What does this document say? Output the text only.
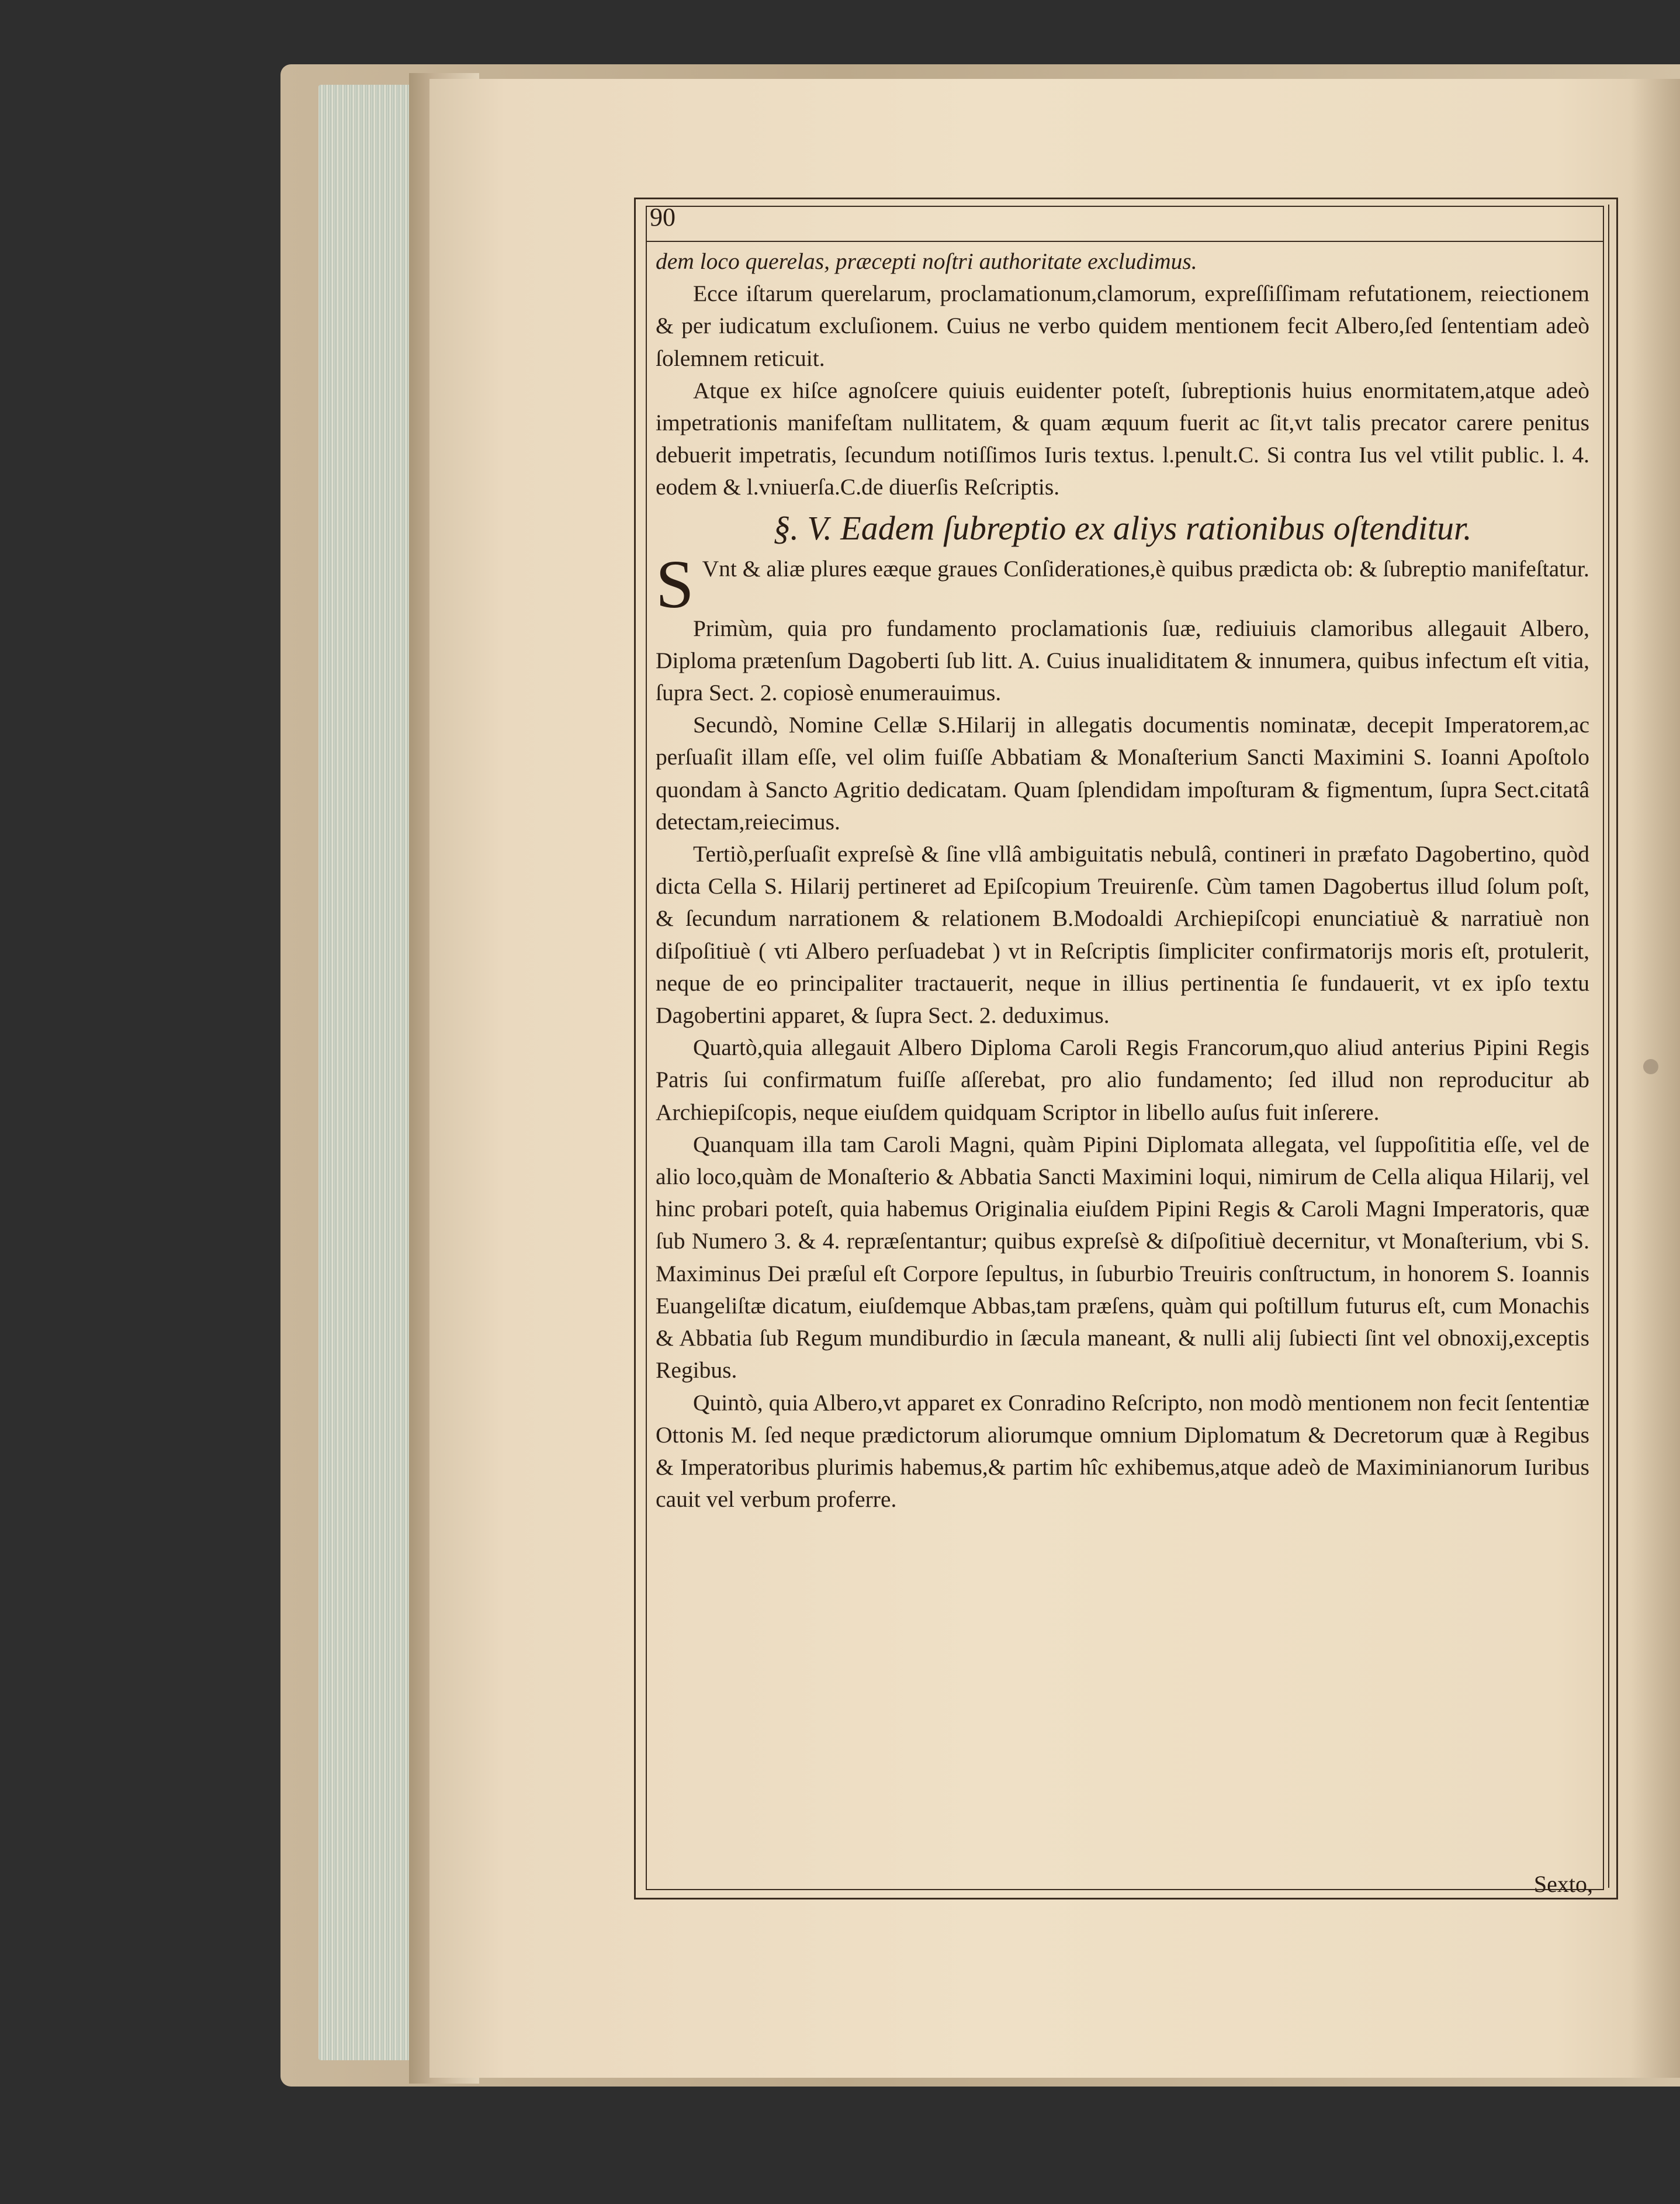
90

dem loco querelas, præcepti noſtri authoritate excludimus.

Ecce iſtarum querelarum, proclamationum,clamorum, expreſſiſſimam refutationem, reiectionem & per iudicatum excluſionem. Cuius ne verbo quidem mentionem fecit Albero,ſed ſententiam adeò ſolemnem reticuit.

Atque ex hiſce agnoſcere quiuis euidenter poteſt, ſubreptionis huius enormitatem,atque adeò impetrationis manifeſtam nullitatem, & quam æquum fuerit ac ſit,vt talis precator carere penitus debuerit impetratis, ſecundum notiſſimos Iuris textus. l.penult.C. Si contra Ius vel vtilit public. l. 4. eodem & l.vniuerſa.C.de diuerſis Reſcriptis.

§. V. Eadem ſubreptio ex aliys rationibus oſtenditur.

S Vnt & aliæ plures eæque graues Conſiderationes,è quibus prædicta ob: & ſubreptio manifeſtatur.

Primùm, quia pro fundamento proclamationis ſuæ, rediuiuis clamoribus allegauit Albero, Diploma prætenſum Dagoberti ſub litt. A. Cuius inualiditatem & innumera, quibus infectum eſt vitia, ſupra Sect. 2. copiosè enumerauimus.

Secundò, Nomine Cellæ S.Hilarij in allegatis documentis nominatæ, decepit Imperatorem,ac perſuaſit illam eſſe, vel olim fuiſſe Abbatiam & Monaſterium Sancti Maximini S. Ioanni Apoſtolo quondam à Sancto Agritio dedicatam. Quam ſplendidam impoſturam & figmentum, ſupra Sect.citatâ detectam,reiecimus.

Tertiò,perſuaſit expreſsè & ſine vllâ ambiguitatis nebulâ, contineri in præfato Dagobertino, quòd dicta Cella S. Hilarij pertineret ad Epiſcopium Treuirenſe. Cùm tamen Dagobertus illud ſolum poſt, & ſecundum narrationem & relationem B.Modoaldi Archiepiſcopi enunciatiuè & narratiuè non diſpoſitiuè ( vti Albero perſuadebat ) vt in Reſcriptis ſimpliciter confirmatorijs moris eſt, protulerit, neque de eo principaliter tractauerit, neque in illius pertinentia ſe fundauerit, vt ex ipſo textu Dagobertini apparet, & ſupra Sect. 2. deduximus.

Quartò,quia allegauit Albero Diploma Caroli Regis Francorum,quo aliud anterius Pipini Regis Patris ſui confirmatum fuiſſe aſſerebat, pro alio fundamento; ſed illud non reproducitur ab Archiepiſcopis, neque eiuſdem quidquam Scriptor in libello auſus fuit inſerere.

Quanquam illa tam Caroli Magni, quàm Pipini Diplomata allegata, vel ſuppoſititia eſſe, vel de alio loco,quàm de Monaſterio & Abbatia Sancti Maximini loqui, nimirum de Cella aliqua Hilarij, vel hinc probari poteſt, quia habemus Originalia eiuſdem Pipini Regis & Caroli Magni Imperatoris, quæ ſub Numero 3. & 4. repræſentantur; quibus expreſsè & diſpoſitiuè decernitur, vt Monaſterium, vbi S. Maximinus Dei præſul eſt Corpore ſepultus, in ſuburbio Treuiris conſtructum, in honorem S. Ioannis Euangeliſtæ dicatum, eiuſdemque Abbas,tam præſens, quàm qui poſtillum futurus eſt, cum Monachis & Abbatia ſub Regum mundiburdio in ſæcula maneant, & nulli alij ſubiecti ſint vel obnoxij,exceptis Regibus.

Quintò, quia Albero,vt apparet ex Conradino Reſcripto, non modò mentionem non fecit ſententiæ Ottonis M. ſed neque prædictorum aliorumque omnium Diplomatum & Decretorum quæ à Regibus & Imperatoribus plurimis habemus,& partim hîc exhibemus,atque adeò de Maximinianorum Iuribus cauit vel verbum proferre.

Sexto,
